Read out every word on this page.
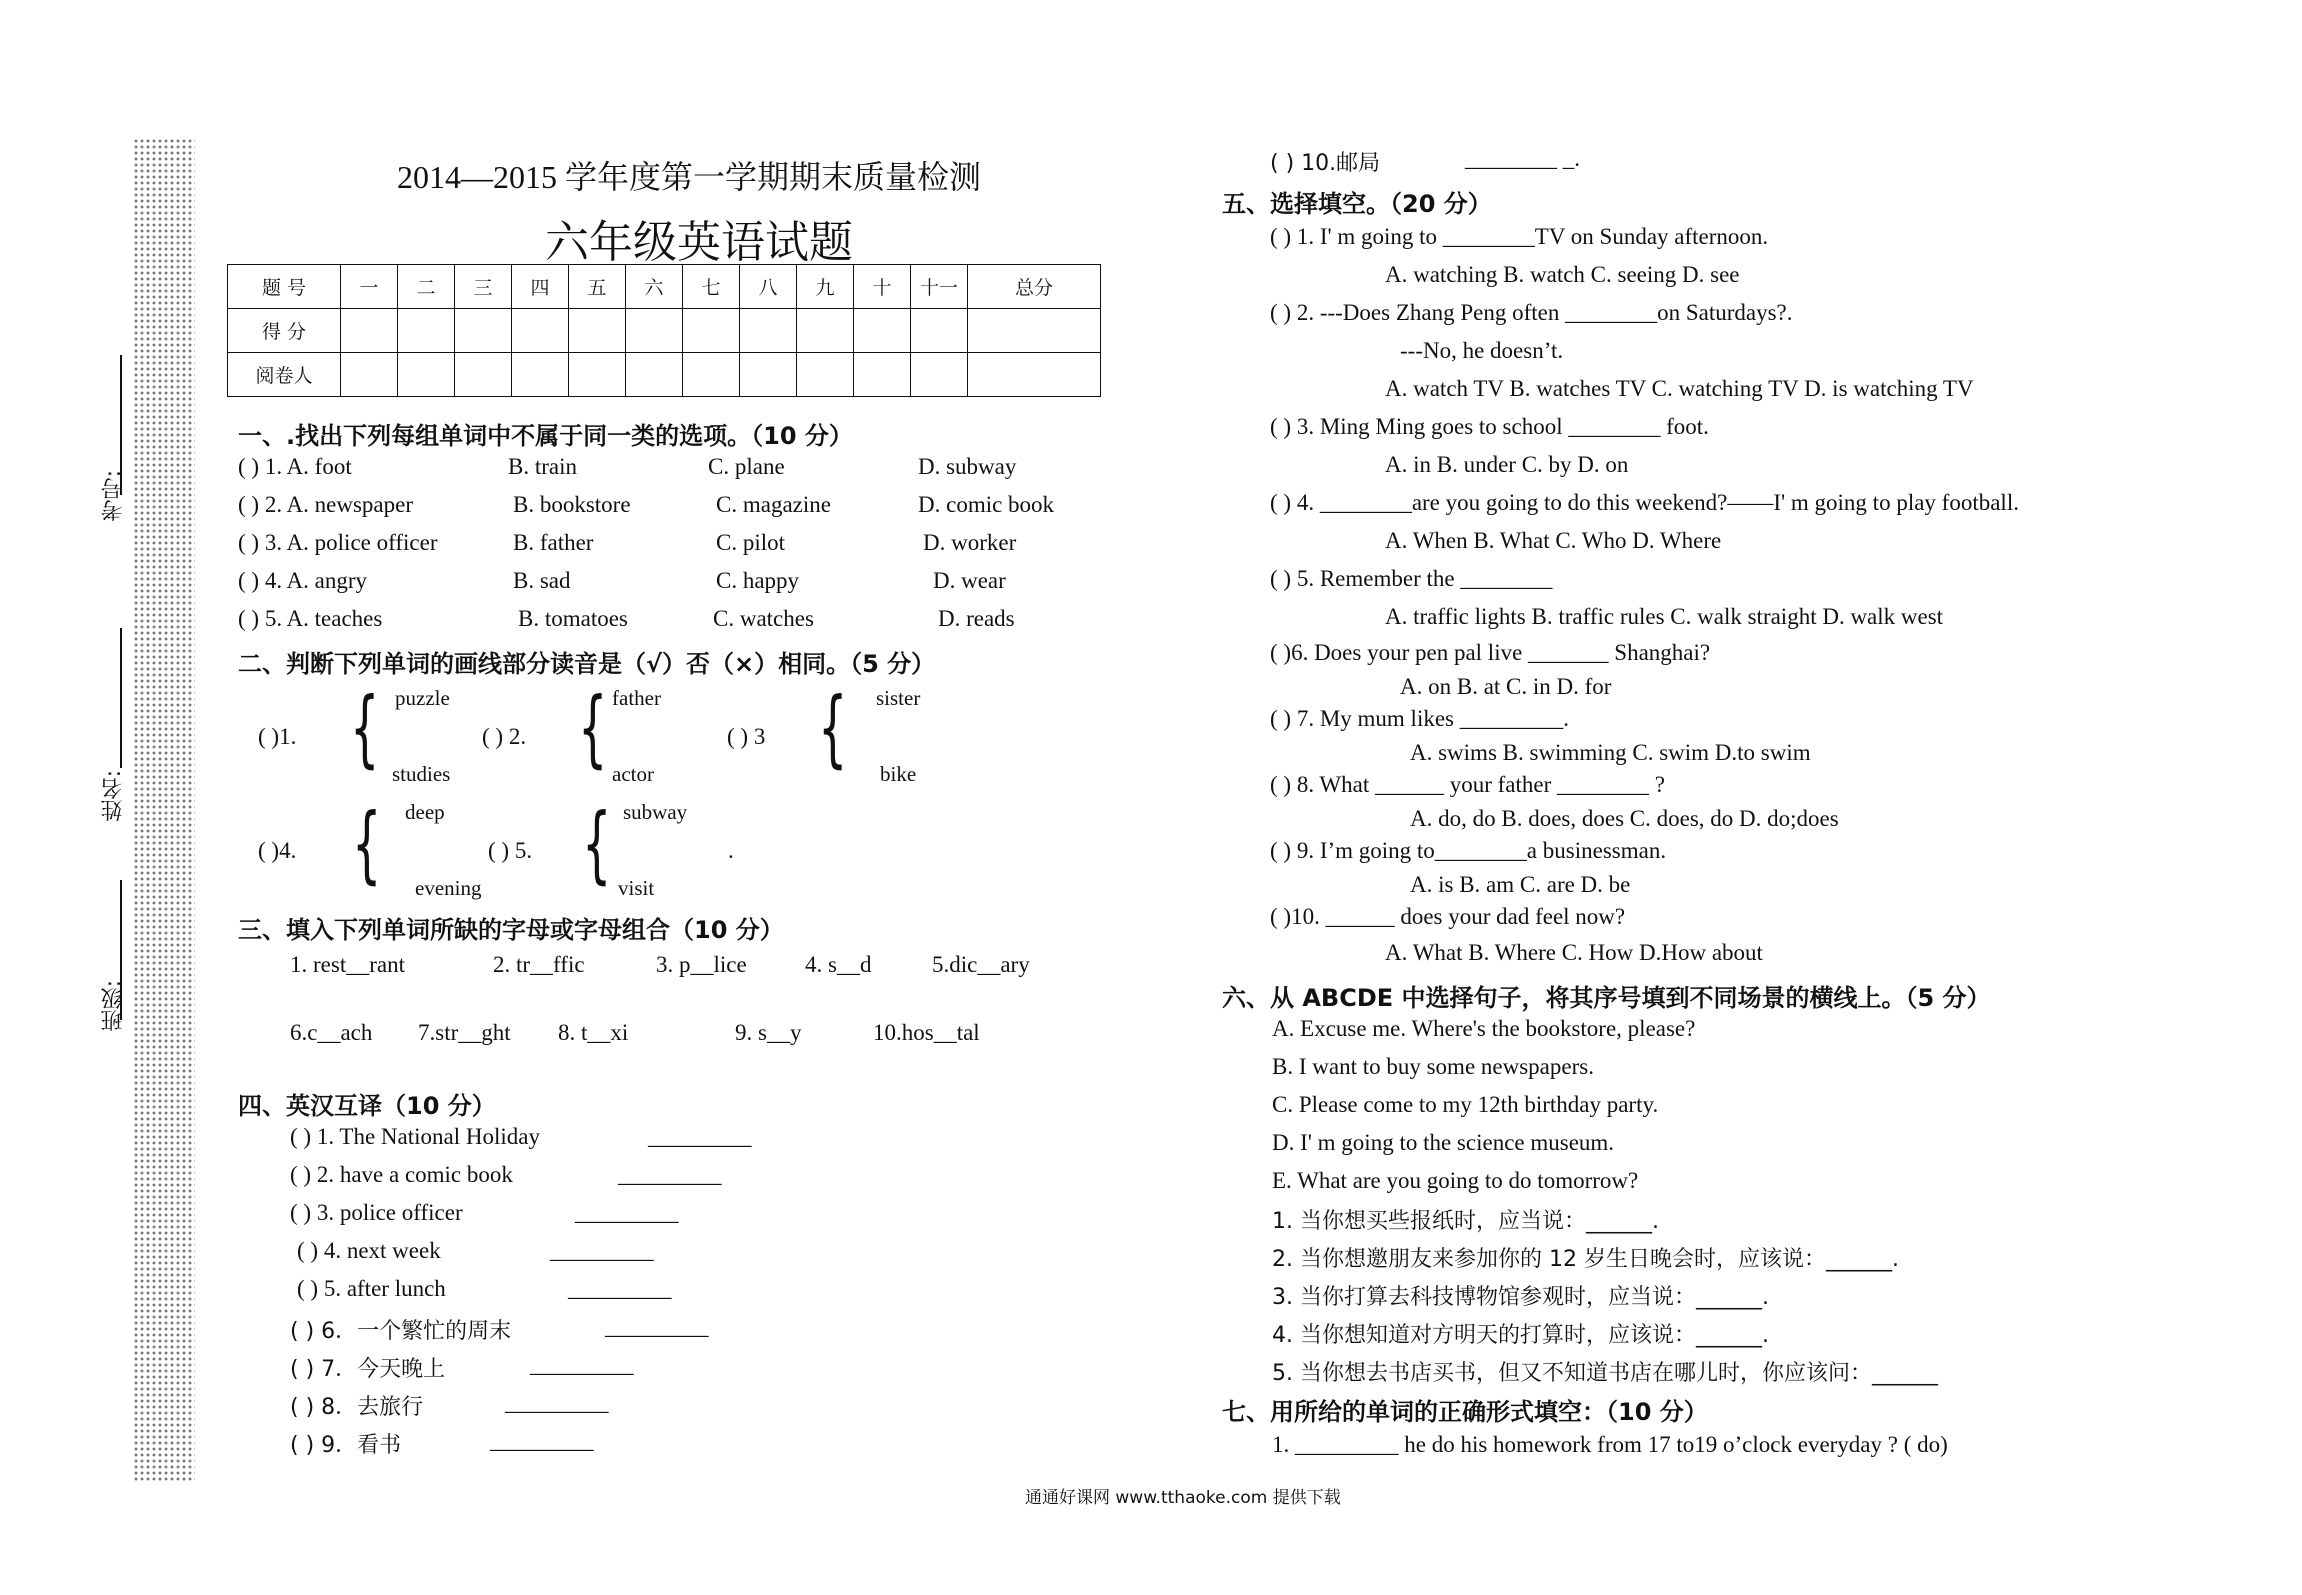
考号:
姓名:
班级:
2014—2015 学年度第一学期期末质量检测
六年级英语试题
题 号	一	二	三	四	五	六	七	八	九	十	十一	总分
得 分												
阅卷人												
一、.找出下列每组单词中不属于同一类的选项。（10 分）
( ) 1. A. foot	B. train	C. plane	D. subway
( ) 2. A. newspaper	B. bookstore	C. magazine	D. comic book
( ) 3. A. police officer	B. father	C. pilot	D. worker
( ) 4. A. angry	B. sad	C. happy	D. wear
( ) 5. A. teaches	B. tomatoes	C. watches	D. reads
二、判断下列单词的画线部分读音是（√）否（×）相同。（5 分）
( )1. { puzzle
studies
( ) 2. { father
actor
( ) 3 { sister
bike
( )4. { deep
evening
( ) 5. { subway
visit
.
三、填入下列单词所缺的字母或字母组合（10 分）
1. rest__rant	2. tr__ffic	3. p__lice	4. s__d	5.dic__ary
6.c__ach 7.str__ght 8. t__xi	9. s__y	10.hos__tal
四、英汉互译（10 分）
( ) 1. The National Holiday	_________
( ) 2. have a comic book	_________
( ) 3. police officer	_________
( ) 4. next week	_________
( ) 5. after lunch	_________
( ) 6．一个繁忙的周末	_________
( ) 7．今天晚上	_________
( ) 8．去旅行	_________
( ) 9．看书	_________
( ) 10.邮局	________ _.
五、选择填空。（20 分）
( ) 1. I' m going to ________TV on Sunday afternoon.
A. watching B. watch C. seeing D. see
( ) 2. ---Does Zhang Peng often ________on Saturdays?.
---No, he doesn’t.
A. watch TV B. watches TV C. watching TV D. is watching TV
( ) 3. Ming Ming goes to school ________ foot.
A. in B. under C. by D. on
( ) 4. ________are you going to do this weekend?——I' m going to play football.
A. When B. What C. Who D. Where
( ) 5. Remember the ________
A. traffic lights B. traffic rules C. walk straight D. walk west
( )6. Does your pen pal live _______ Shanghai?
A. on B. at C. in D. for
( ) 7. My mum likes _________.
A. swims B. swimming C. swim D.to swim
( ) 8. What ______ your father ________ ?
A. do, do B. does, does C. does, do D. do;does
( ) 9. I’m going to________a businessman.
A. is B. am C. are D. be
( )10. ______ does your dad feel now?
A. What B. Where C. How D.How about
六、从 ABCDE 中选择句子，将其序号填到不同场景的横线上。（5 分）
A. Excuse me. Where's the bookstore, please?
B. I want to buy some newspapers.
C. Please come to my 12th birthday party.
D. I' m going to the science museum.
E. What are you going to do tomorrow?
1. 当你想买些报纸时，应当说：______.
2. 当你想邀朋友来参加你的 12 岁生日晚会时，应该说：______.
3. 当你打算去科技博物馆参观时，应当说：______.
4. 当你想知道对方明天的打算时，应该说：______.
5. 当你想去书店买书，但又不知道书店在哪儿时，你应该问：______
七、用所给的单词的正确形式填空：（10 分）
1. _________ he do his homework from 17 to19 o’clock everyday ? ( do)
通通好课网 www.tthaoke.com 提供下载
